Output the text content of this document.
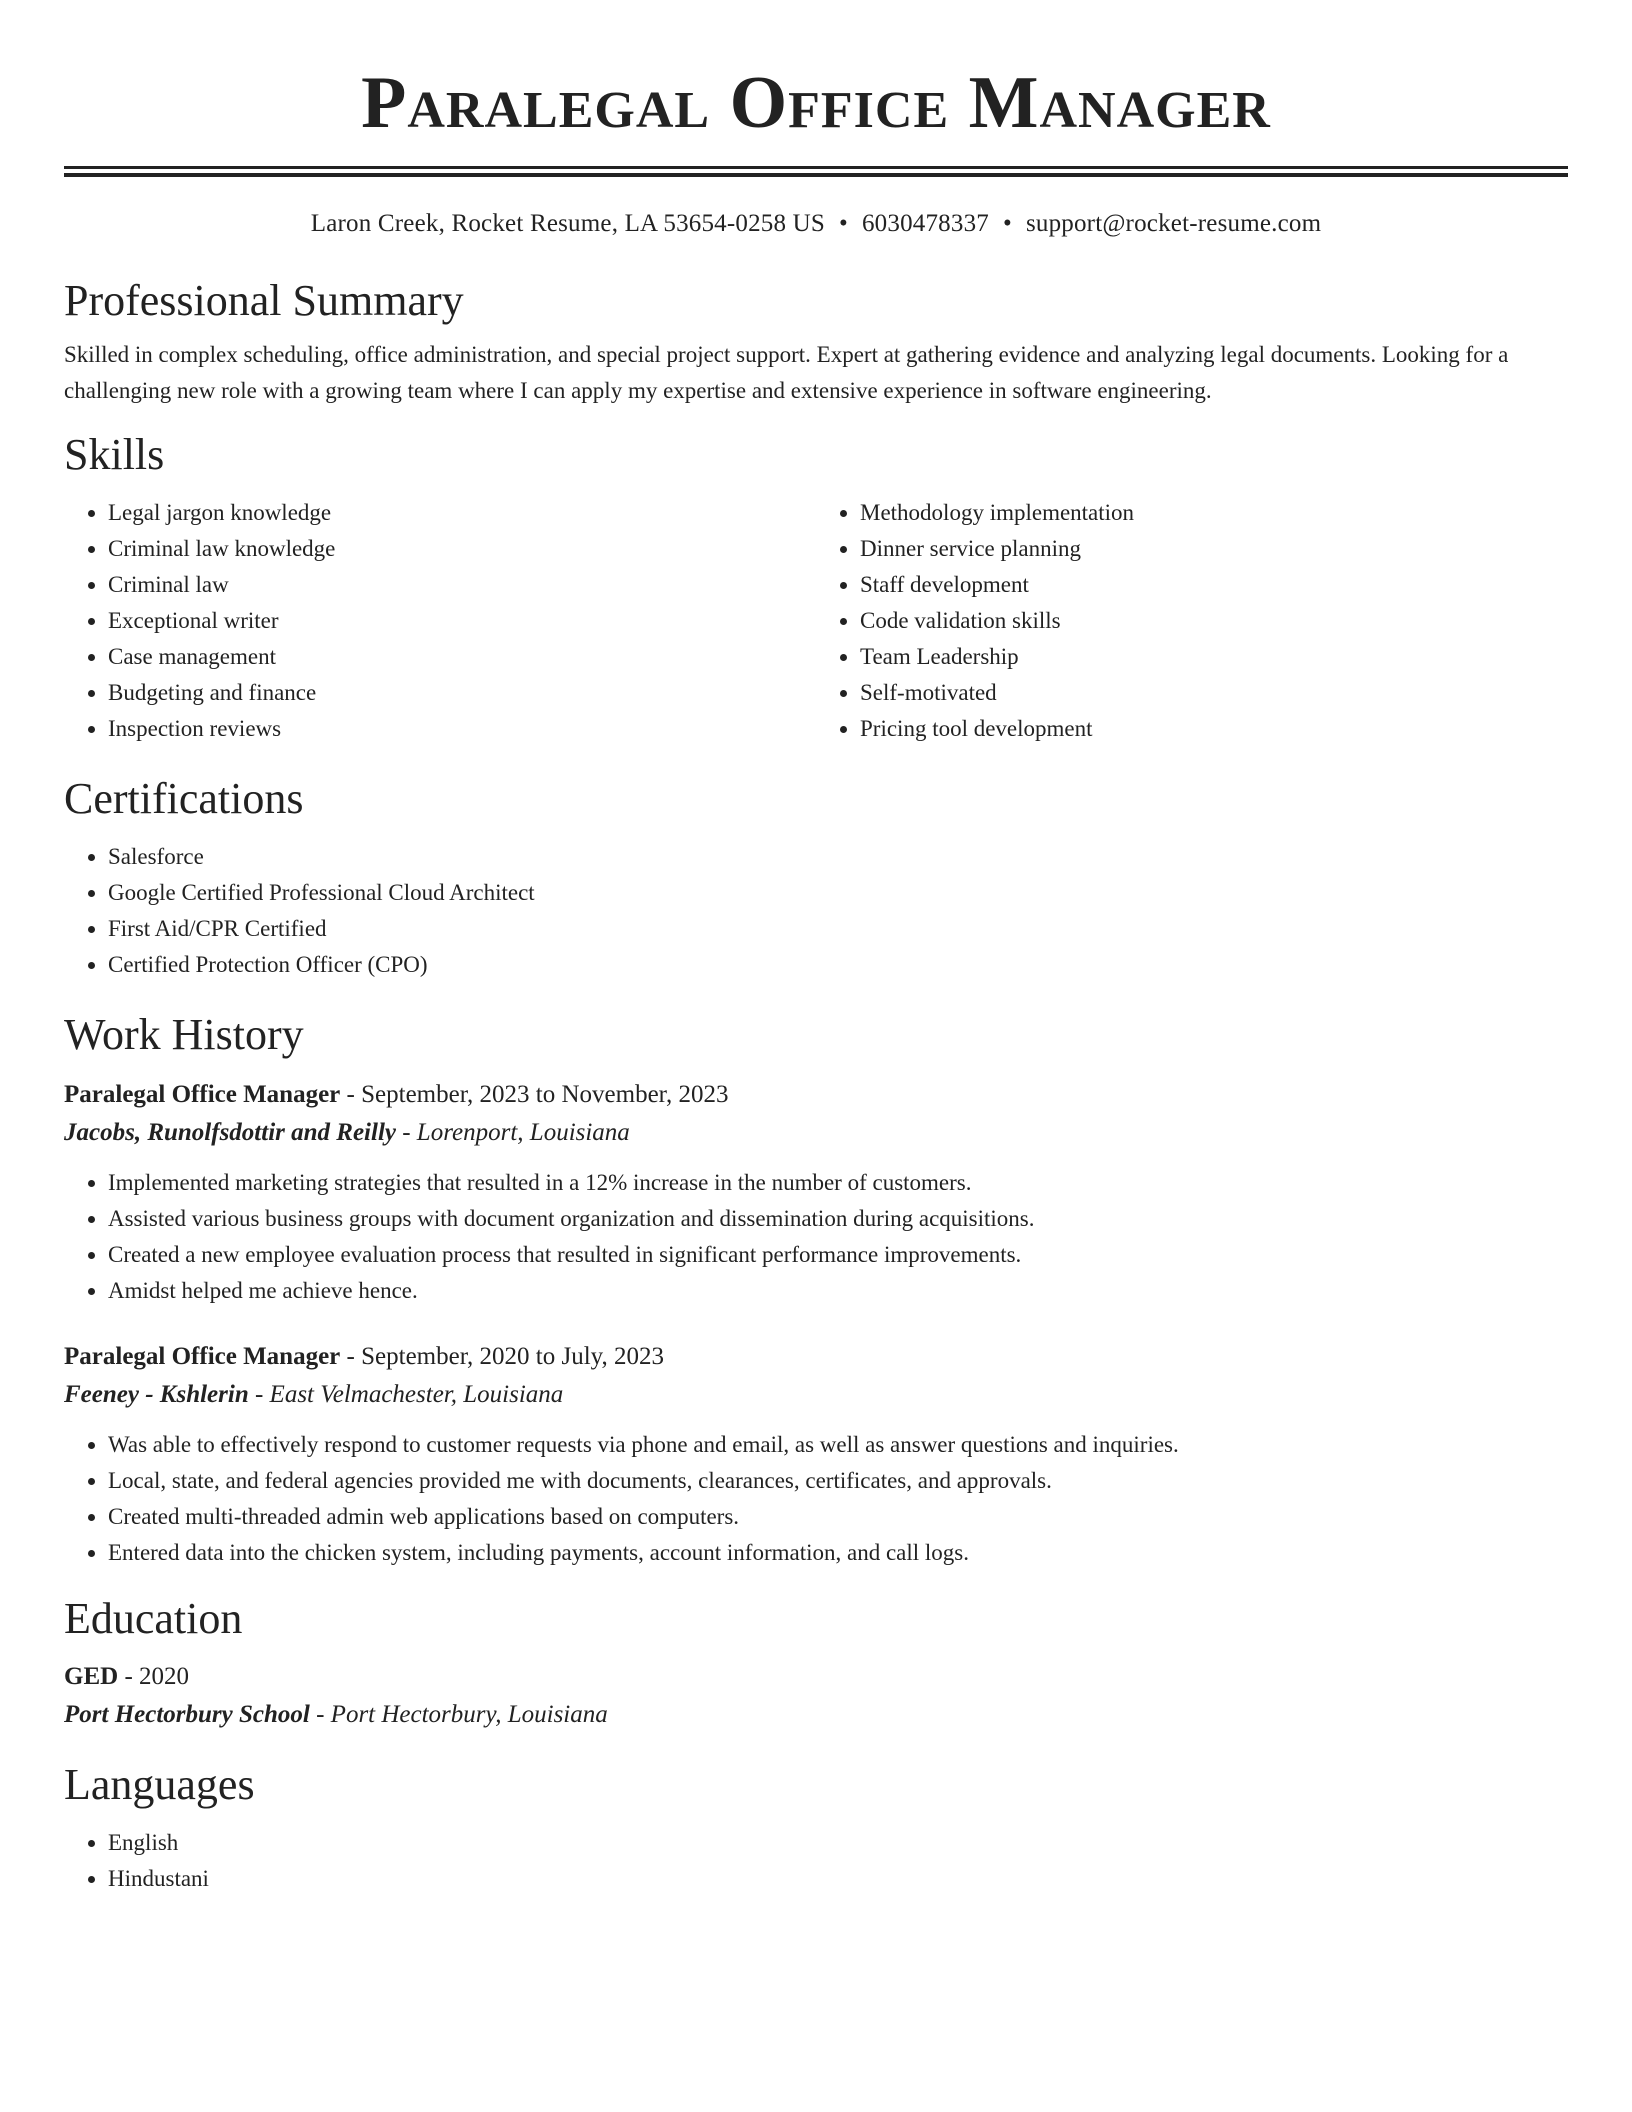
Paralegal Office Manager
Laron Creek, Rocket Resume, LA 53654-0258 US • 6030478337 • support@rocket-resume.com
Professional Summary

Skilled in complex scheduling, office administration, and special project support. Expert at gathering evidence and analyzing legal documents. Looking for a challenging new role with a growing team where I can apply my expertise and extensive experience in software engineering.

Skills
• Legal jargon knowledge
• Criminal law knowledge
• Criminal law
• Exceptional writer
• Case management
• Budgeting and finance
• Inspection reviews
• Methodology implementation
• Dinner service planning
• Staff development
• Code validation skills
• Team Leadership
• Self-motivated
• Pricing tool development
Certifications
• Salesforce
• Google Certified Professional Cloud Architect
• First Aid/CPR Certified
• Certified Protection Officer (CPO)
Work History
Paralegal Office Manager - September, 2023 to November, 2023
Jacobs, Runolfsdottir and Reilly - Lorenport, Louisiana
• Implemented marketing strategies that resulted in a 12% increase in the number of customers.
• Assisted various business groups with document organization and dissemination during acquisitions.
• Created a new employee evaluation process that resulted in significant performance improvements.
• Amidst helped me achieve hence.
Paralegal Office Manager - September, 2020 to July, 2023
Feeney - Kshlerin - East Velmachester, Louisiana
• Was able to effectively respond to customer requests via phone and email, as well as answer questions and inquiries.
• Local, state, and federal agencies provided me with documents, clearances, certificates, and approvals.
• Created multi-threaded admin web applications based on computers.
• Entered data into the chicken system, including payments, account information, and call logs.
Education
GED - 2020
Port Hectorbury School - Port Hectorbury, Louisiana
Languages
• English
• Hindustani
